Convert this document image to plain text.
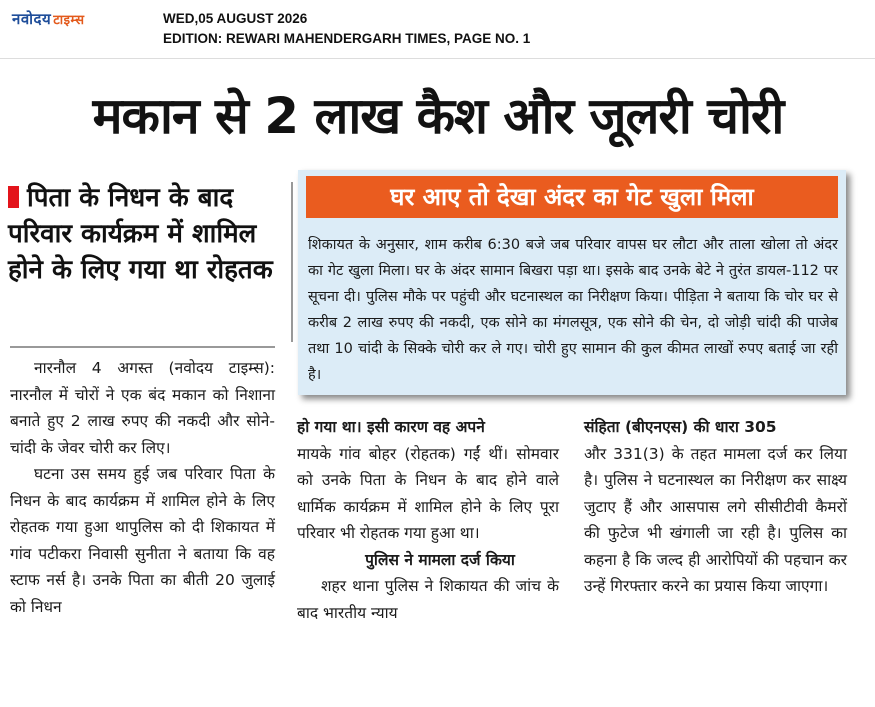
नवोदय टाइम्स	WED,05 AUGUST 2026
EDITION: REWARI MAHENDERGARH TIMES, PAGE NO. 1
मकान से 2 लाख कैश और जूलरी चोरी
पिता के निधन के बाद परिवार कार्यक्रम में शामिल होने के लिए गया था रोहतक
घर आए तो देखा अंदर का गेट खुला मिला
शिकायत के अनुसार, शाम करीब 6:30 बजे जब परिवार वापस घर लौटा और ताला खोला तो अंदर का गेट खुला मिला। घर के अंदर सामान बिखरा पड़ा था। इसके बाद उनके बेटे ने तुरंत डायल-112 पर सूचना दी। पुलिस मौके पर पहुंची और घटनास्थल का निरीक्षण किया। पीड़िता ने बताया कि चोर घर से करीब 2 लाख रुपए की नकदी, एक सोने का मंगलसूत्र, एक सोने की चेन, दो जोड़ी चांदी की पाजेब तथा 10 चांदी के सिक्के चोरी कर ले गए। चोरी हुए सामान की कुल कीमत लाखों रुपए बताई जा रही है।

नारनौल 4 अगस्त (नवोदय टाइम्स): नारनौल में चोरों ने एक बंद मकान को निशाना बनाते हुए 2 लाख रुपए की नकदी और सोने-चांदी के जेवर चोरी कर लिए।

घटना उस समय हुई जब परिवार पिता के निधन के बाद कार्यक्रम में शामिल होने के लिए रोहतक गया हुआ थापुलिस को दी शिकायत में गांव पटीकरा निवासी सुनीता ने बताया कि वह स्टाफ नर्स है। उनके पिता का बीती 20 जुलाई को निधन

हो गया था। इसी कारण वह अपने

मायके गांव बोहर (रोहतक) गईं थीं। सोमवार को उनके पिता के निधन के बाद होने वाले धार्मिक कार्यक्रम में शामिल होने के लिए पूरा परिवार भी रोहतक गया हुआ था।

पुलिस ने मामला दर्ज किया

शहर थाना पुलिस ने शिकायत की जांच के बाद भारतीय न्याय

संहिता (बीएनएस) की धारा 305

और 331(3) के तहत मामला दर्ज कर लिया है। पुलिस ने घटनास्थल का निरीक्षण कर साक्ष्य जुटाए हैं और आसपास लगे सीसीटीवी कैमरों की फुटेज भी खंगाली जा रही है। पुलिस का कहना है कि जल्द ही आरोपियों की पहचान कर उन्हें गिरफ्तार करने का प्रयास किया जाएगा।
